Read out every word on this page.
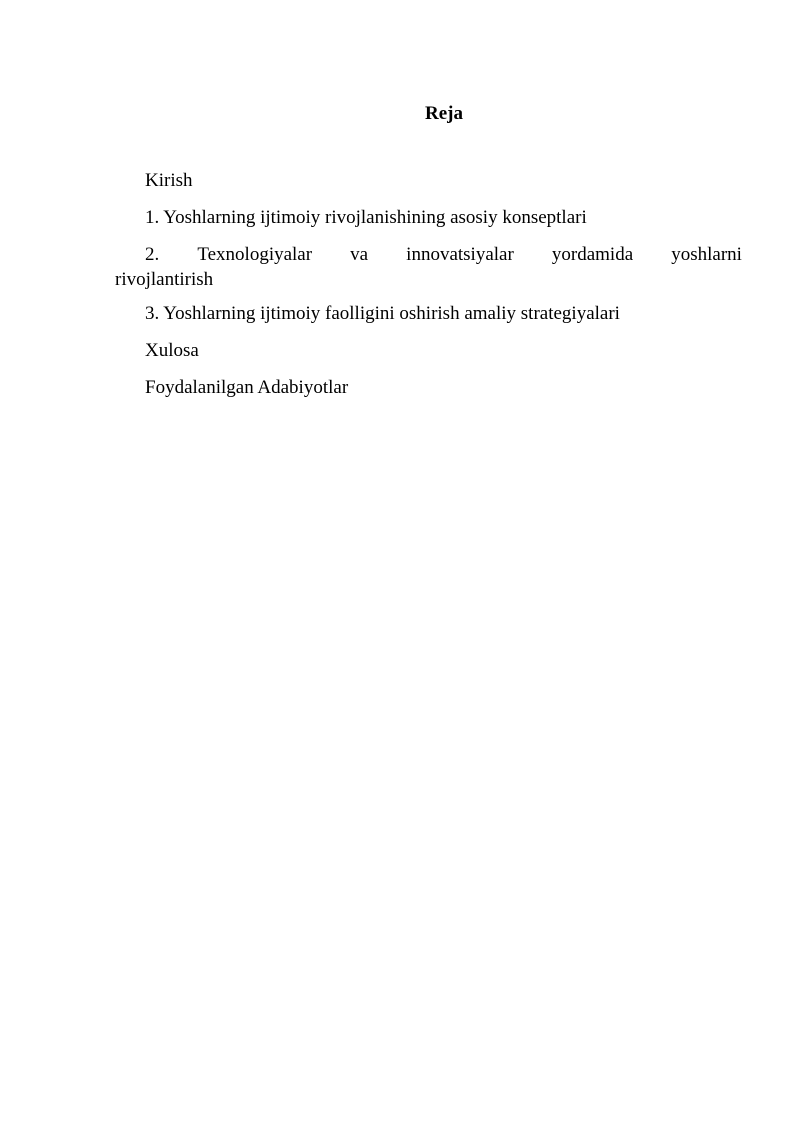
Reja
Kirish
1. Yoshlarning ijtimoiy rivojlanishining asosiy konseptlari
2. Texnologiyalar va innovatsiyalar yordamida yoshlarni
rivojlantirish
3. Yoshlarning ijtimoiy faolligini oshirish amaliy strategiyalari
Xulosa
Foydalanilgan Adabiyotlar
